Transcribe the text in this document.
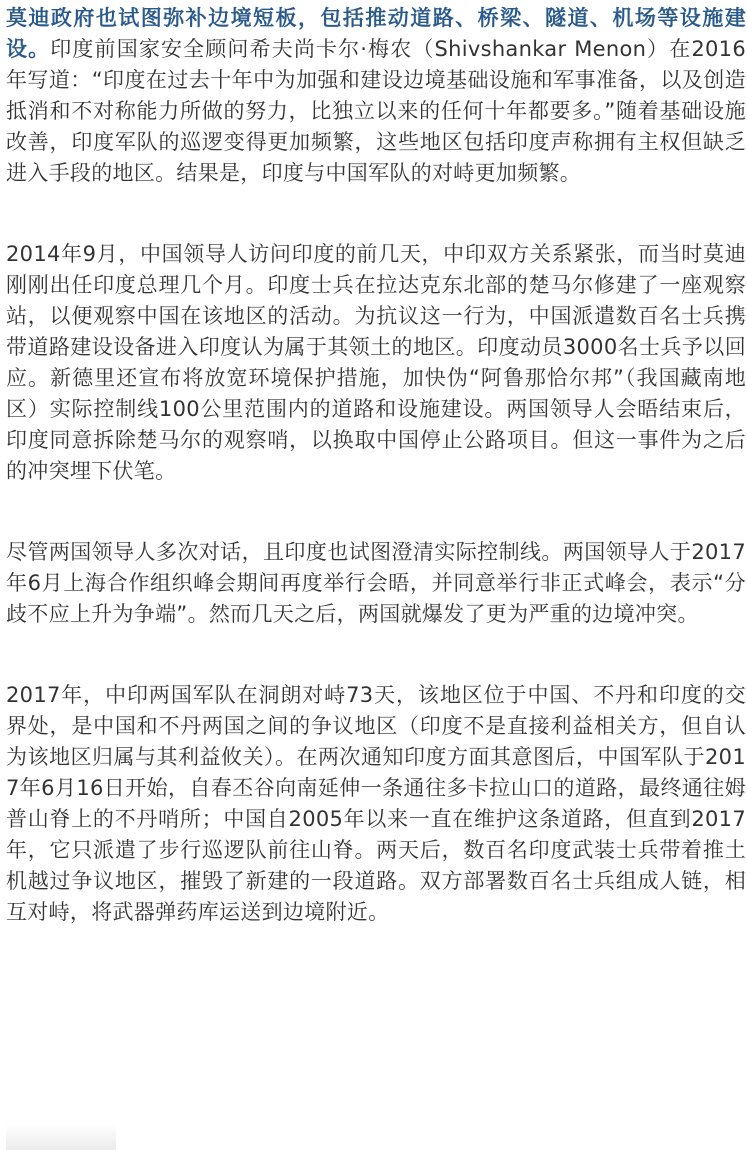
莫迪政府也试图弥补边境短板，包括推动道路、桥梁、隧道、机场等设施建设。印度前国家安全顾问希夫尚卡尔·梅农（Shivshankar Menon）在2016年写道：“印度在过去十年中为加强和建设边境基础设施和军事准备，以及创造抵消和不对称能力所做的努力，比独立以来的任何十年都要多。”随着基础设施改善，印度军队的巡逻变得更加频繁，这些地区包括印度声称拥有主权但缺乏进入手段的地区。结果是，印度与中国军队的对峙更加频繁。

2014年9月，中国领导人访问印度的前几天，中印双方关系紧张，而当时莫迪刚刚出任印度总理几个月。印度士兵在拉达克东北部的楚马尔修建了一座观察站，以便观察中国在该地区的活动。为抗议这一行为，中国派遣数百名士兵携带道路建设设备进入印度认为属于其领土的地区。印度动员3000名士兵予以回应。新德里还宣布将放宽环境保护措施，加快伪“阿鲁那恰尔邦”（我国藏南地区）实际控制线100公里范围内的道路和设施建设。两国领导人会晤结束后，印度同意拆除楚马尔的观察哨，以换取中国停止公路项目。但这一事件为之后的冲突埋下伏笔。

尽管两国领导人多次对话，且印度也试图澄清实际控制线。两国领导人于2017年6月上海合作组织峰会期间再度举行会晤，并同意举行非正式峰会，表示“分歧不应上升为争端”。然而几天之后，两国就爆发了更为严重的边境冲突。

2017年，中印两国军队在洞朗对峙73天，该地区位于中国、不丹和印度的交界处，是中国和不丹两国之间的争议地区（印度不是直接利益相关方，但自认为该地区归属与其利益攸关）。在两次通知印度方面其意图后，中国军队于2017年6月16日开始，自春丕谷向南延伸一条通往多卡拉山口的道路，最终通往姆普山脊上的不丹哨所；中国自2005年以来一直在维护这条道路，但直到2017年，它只派遣了步行巡逻队前往山脊。两天后，数百名印度武装士兵带着推土机越过争议地区，摧毁了新建的一段道路。双方部署数百名士兵组成人链，相互对峙，将武器弹药库运送到边境附近。
